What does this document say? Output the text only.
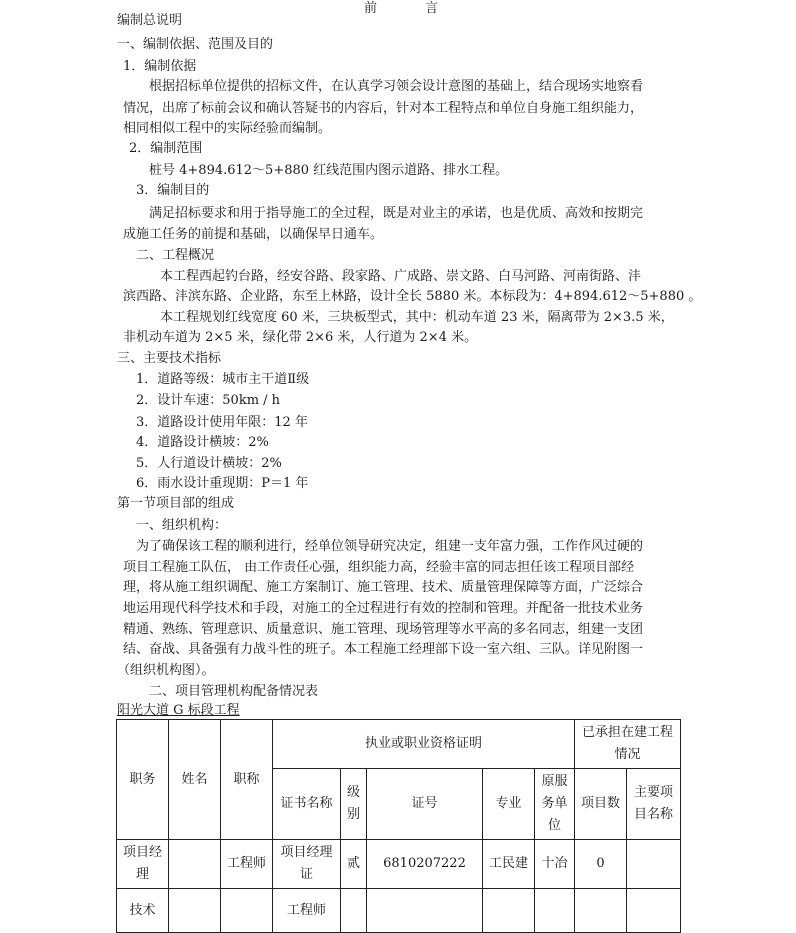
前 言
编制总说明
一、编制依据、范围及目的
1．编制依据
根据招标单位提供的招标文件，在认真学习领会设计意图的基础上，结合现场实地察看
情况，出席了标前会议和确认答疑书的内容后，针对本工程特点和单位自身施工组织能力，
相同相似工程中的实际经验而编制。
2．编制范围
桩号 4+894.612～5+880 红线范围内图示道路、排水工程。
3．编制目的
满足招标要求和用于指导施工的全过程，既是对业主的承诺，也是优质、高效和按期完
成施工任务的前提和基础，以确保早日通车。
二、工程概况
本工程西起钓台路，经安谷路、段家路、广成路、崇文路、白马河路、河南街路、沣
滨西路、沣滨东路、企业路，东至上林路，设计全长 5880 米。本标段为：4+894.612～5+880 。
本工程规划红线宽度 60 米，三块板型式，其中：机动车道 23 米，隔离带为 2×3.5 米，
非机动车道为 2×5 米，绿化带 2×6 米，人行道为 2×4 米。
三、主要技术指标
1．道路等级：城市主干道Ⅱ级
2．设计车速：50km / h
3．道路设计使用年限：12 年
4．道路设计横坡：2%
5．人行道设计横坡：2%
6．雨水设计重现期：P＝1 年
第一节项目部的组成
一、组织机构：
为了确保该工程的顺利进行，经单位领导研究决定，组建一支年富力强，工作作风过硬的
项目工程施工队伍， 由工作责任心强，组织能力高，经验丰富的同志担任该工程项目部经
理，将从施工组织调配、施工方案制订、施工管理、技术、质量管理保障等方面，广泛综合
地运用现代科学技术和手段，对施工的全过程进行有效的控制和管理。并配备一批技术业务
精通、熟练、管理意识、质量意识、施工管理、现场管理等水平高的多名同志，组建一支团
结、奋战、具备强有力战斗性的班子。本工程施工经理部下设一室六组、三队。详见附图一
（组织机构图）。
二、项目管理机构配备情况表
阳光大道 G 标段工程
职务	姓名	职称	执业或职业资格证明					已承担在建工程情况	
			证书名称	级别	证号	专业	原服务单位	项目数	主要项目名称
项目经理		工程师	项目经理证	贰	6810207222	工民建	十冶	0	
技术			工程师						
